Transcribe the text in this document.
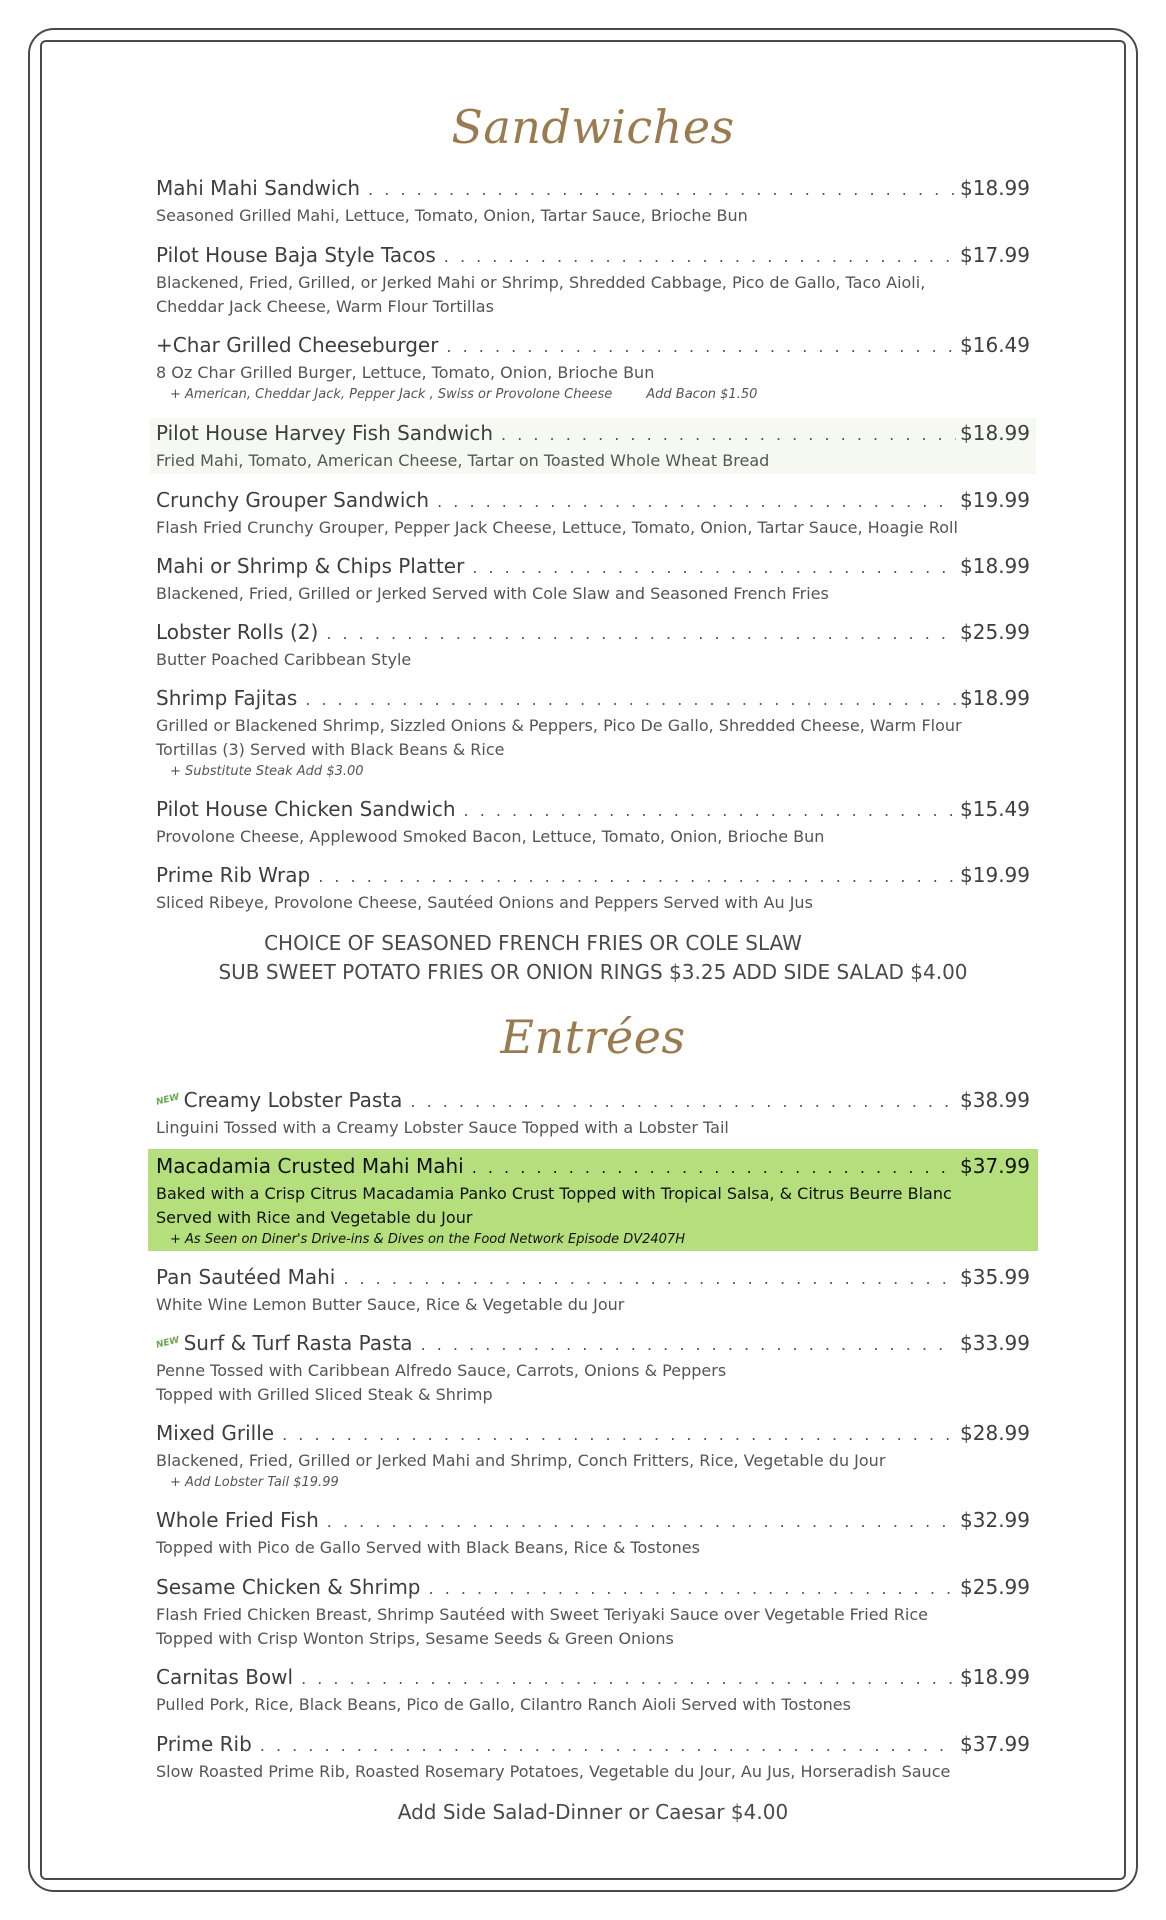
Sandwiches
Mahi Mahi Sandwich . . .	$18.99
Seasoned Grilled Mahi, Lettuce, Tomato, Onion, Tartar Sauce, Brioche Bun
Pilot House Baja Style Tacos . . .	$17.99
Blackened, Fried, Grilled, or Jerked Mahi or Shrimp, Shredded Cabbage, Pico de Gallo, Taco Aioli,
Cheddar Jack Cheese, Warm Flour Tortillas
+Char Grilled Cheeseburger . . .	$16.49
8 Oz Char Grilled Burger, Lettuce, Tomato, Onion, Brioche Bun
+ American, Cheddar Jack, Pepper Jack , Swiss or Provolone Cheese	Add Bacon $1.50
Pilot House Harvey Fish Sandwich . . .	$18.99
Fried Mahi, Tomato, American Cheese, Tartar on Toasted Whole Wheat Bread
Crunchy Grouper Sandwich . . .	$19.99
Flash Fried Crunchy Grouper, Pepper Jack Cheese, Lettuce, Tomato, Onion, Tartar Sauce, Hoagie Roll
Mahi or Shrimp & Chips Platter . . .	$18.99
Blackened, Fried, Grilled or Jerked Served with Cole Slaw and Seasoned French Fries
Lobster Rolls (2) . . .	$25.99
Butter Poached Caribbean Style
Shrimp Fajitas . . .	$18.99
Grilled or Blackened Shrimp, Sizzled Onions & Peppers, Pico De Gallo, Shredded Cheese, Warm Flour
Tortillas (3) Served with Black Beans & Rice
+ Substitute Steak Add $3.00
Pilot House Chicken Sandwich . . .	$15.49
Provolone Cheese, Applewood Smoked Bacon, Lettuce, Tomato, Onion, Brioche Bun
Prime Rib Wrap . . .	$19.99
Sliced Ribeye, Provolone Cheese, Sautéed Onions and Peppers Served with Au Jus
CHOICE OF SEASONED FRENCH FRIES OR COLE SLAW
SUB SWEET POTATO FRIES OR ONION RINGS $3.25 ADD SIDE SALAD $4.00
Entrées
NEW Creamy Lobster Pasta . . .	$38.99
Linguini Tossed with a Creamy Lobster Sauce Topped with a Lobster Tail
Macadamia Crusted Mahi Mahi . . .	$37.99
Baked with a Crisp Citrus Macadamia Panko Crust Topped with Tropical Salsa, & Citrus Beurre Blanc
Served with Rice and Vegetable du Jour
+ As Seen on Diner's Drive-ins & Dives on the Food Network Episode DV2407H
Pan Sautéed Mahi . . .	$35.99
White Wine Lemon Butter Sauce, Rice & Vegetable du Jour
NEW Surf & Turf Rasta Pasta . . .	$33.99
Penne Tossed with Caribbean Alfredo Sauce, Carrots, Onions & Peppers
Topped with Grilled Sliced Steak & Shrimp
Mixed Grille . . .	$28.99
Blackened, Fried, Grilled or Jerked Mahi and Shrimp, Conch Fritters, Rice, Vegetable du Jour
+ Add Lobster Tail $19.99
Whole Fried Fish . . .	$32.99
Topped with Pico de Gallo Served with Black Beans, Rice & Tostones
Sesame Chicken & Shrimp . . .	$25.99
Flash Fried Chicken Breast, Shrimp Sautéed with Sweet Teriyaki Sauce over Vegetable Fried Rice
Topped with Crisp Wonton Strips, Sesame Seeds & Green Onions
Carnitas Bowl . . .	$18.99
Pulled Pork, Rice, Black Beans, Pico de Gallo, Cilantro Ranch Aioli Served with Tostones
Prime Rib . . .	$37.99
Slow Roasted Prime Rib, Roasted Rosemary Potatoes, Vegetable du Jour, Au Jus, Horseradish Sauce
Add Side Salad-Dinner or Caesar $4.00
